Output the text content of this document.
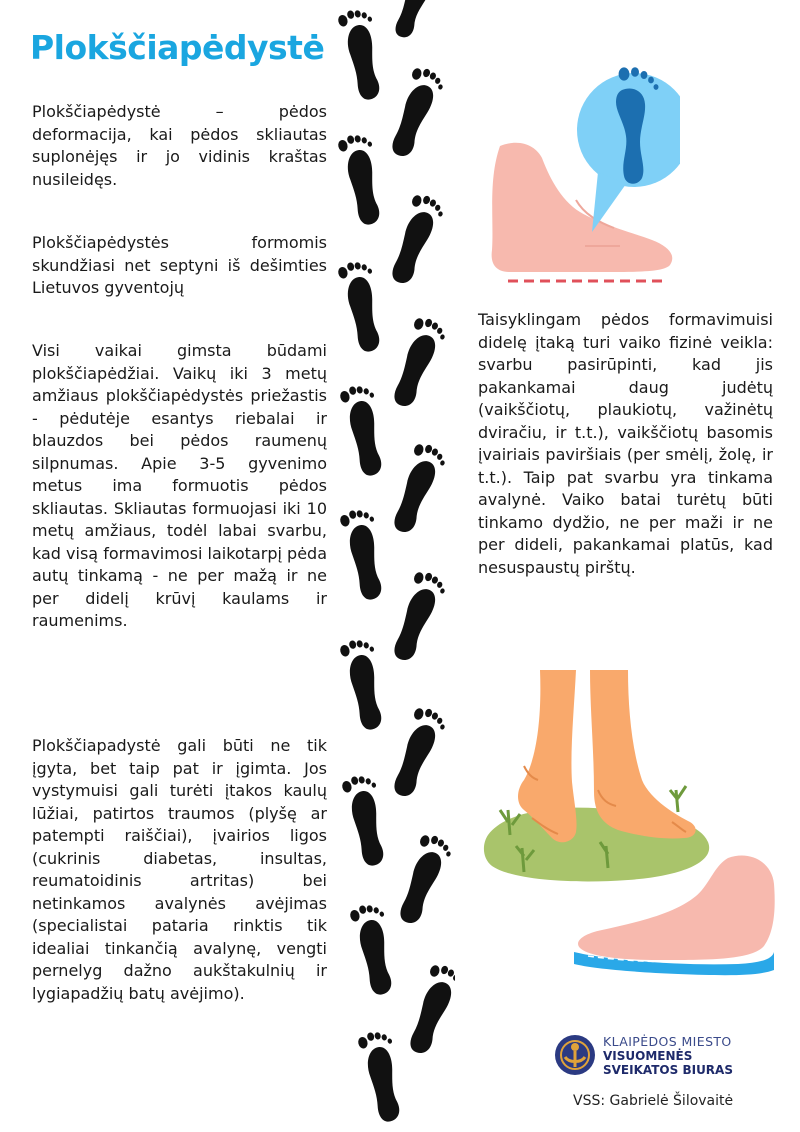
Plokščiapėdystė
Plokščiapėdystė – pėdos deformacija, kai pėdos skliautas suplonėjęs ir jo vidinis kraštas nusileidęs.
Plokščiapėdystės formomis skundžiasi net septyni iš dešimties Lietuvos gyventojų
Visi vaikai gimsta būdami plokščiapėdžiai. Vaikų iki 3 metų amžiaus plokščiapėdystės priežastis - pėdutėje esantys riebalai ir blauzdos bei pėdos raumenų silpnumas. Apie 3-5 gyvenimo metus ima formuotis pėdos skliautas. Skliautas formuojasi iki 10 metų amžiaus, todėl labai svarbu, kad visą formavimosi laikotarpį pėda autų tinkamą - ne per mažą ir ne per didelį krūvį kaulams ir raumenims.
Plokščiapadystė gali būti ne tik įgyta, bet taip pat ir įgimta. Jos vystymuisi gali turėti įtakos kaulų lūžiai, patirtos traumos (plyšę ar patempti raiščiai), įvairios ligos (cukrinis diabetas, insultas, reumatoidinis artritas) bei netinkamos avalynės avėjimas (specialistai pataria rinktis tik idealiai tinkančią avalynę, vengti pernelyg dažno aukštakulnių ir lygiapadžių batų avėjimo).
Taisyklingam pėdos formavimuisi didelę įtaką turi vaiko fizinė veikla: svarbu pasirūpinti, kad jis pakankamai daug judėtų (vaikščiotų, plaukiotų, važinėtų dviračiu, ir t.t.), vaikščiotų basomis įvairiais paviršiais (per smėlį, žolę, ir t.t.). Taip pat svarbu yra tinkama avalynė. Vaiko batai turėtų būti tinkamo dydžio, ne per maži ir ne per dideli, pakankamai platūs, kad nesuspaustų pirštų.
KLAIPĖDOS MIESTO
VISUOMENĖS
SVEIKATOS BIURAS
VSS: Gabrielė Šilovaitė
